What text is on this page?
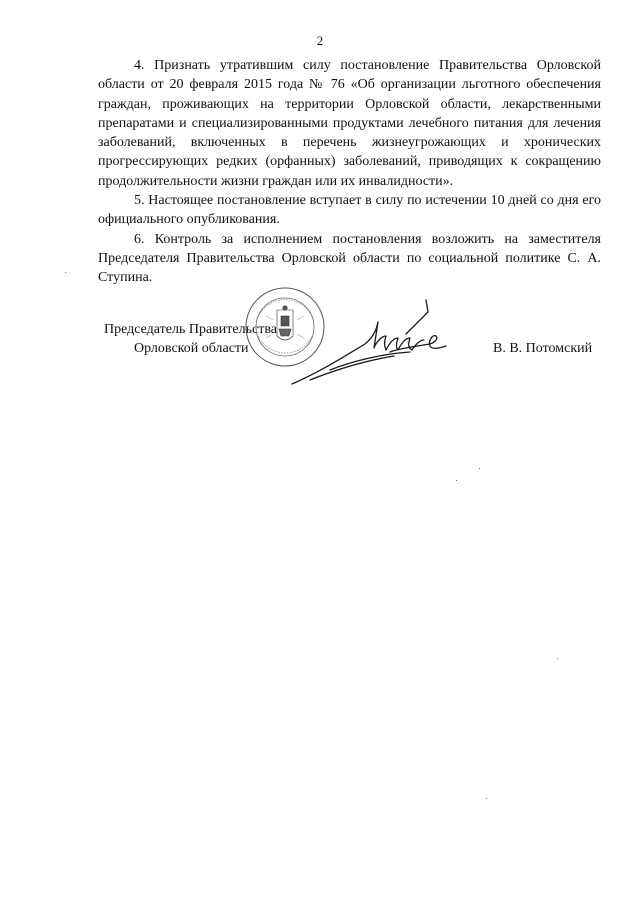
2

4. Признать утратившим силу постановление Правительства Орловской области от 20 февраля 2015 года № 76 «Об организации льготного обеспечения граждан, проживающих на территории Орловской области, лекарственными препаратами и специализированными продуктами лечебного питания для лечения заболеваний, включенных в перечень жизнеугрожающих и хронических прогрессирующих редких (орфанных) заболеваний, приводящих к сокращению продолжительности жизни граждан или их инвалидности».

5. Настоящее постановление вступает в силу по истечении 10 дней со дня его официального опубликования.

6. Контроль за исполнением постановления возложить на заместителя Председателя Правительства Орловской области по социальной политике С. А. Ступина.

Председатель Правительства
Орловской области	В. В. Потомский
